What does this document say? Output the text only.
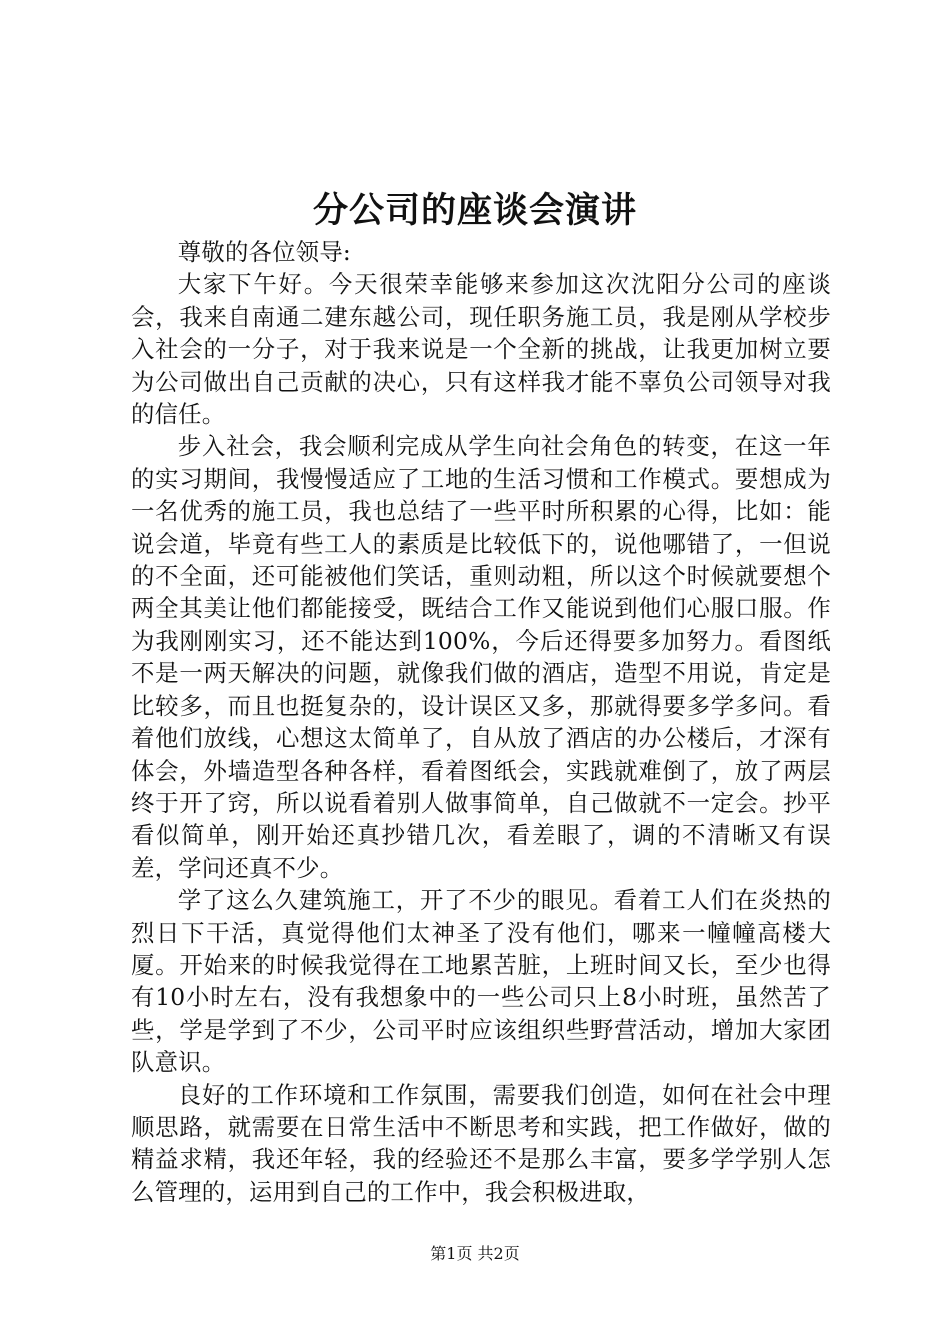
分公司的座谈会演讲

尊敬的各位领导:

大家下午好。今天很荣幸能够来参加这次沈阳分公司的座谈会，我来自南通二建东越公司，现任职务施工员，我是刚从学校步入社会的一分子，对于我来说是一个全新的挑战，让我更加树立要为公司做出自己贡献的决心，只有这样我才能不辜负公司领导对我的信任。

步入社会，我会顺利完成从学生向社会角色的转变，在这一年的实习期间，我慢慢适应了工地的生活习惯和工作模式。要想成为一名优秀的施工员，我也总结了一些平时所积累的心得，比如：能说会道，毕竟有些工人的素质是比较低下的，说他哪错了，一但说的不全面，还可能被他们笑话，重则动粗，所以这个时候就要想个两全其美让他们都能接受，既结合工作又能说到他们心服口服。作为我刚刚实习，还不能达到100%，今后还得要多加努力。看图纸不是一两天解决的问题，就像我们做的酒店，造型不用说，肯定是比较多，而且也挺复杂的，设计误区又多，那就得要多学多问。看着他们放线，心想这太简单了，自从放了酒店的办公楼后，才深有体会，外墙造型各种各样，看着图纸会，实践就难倒了，放了两层终于开了窍，所以说看着别人做事简单，自己做就不一定会。抄平看似简单，刚开始还真抄错几次，看差眼了，调的不清晰又有误差，学问还真不少。

学了这么久建筑施工，开了不少的眼见。看着工人们在炎热的烈日下干活，真觉得他们太神圣了没有他们，哪来一幢幢高楼大厦。开始来的时候我觉得在工地累苦脏，上班时间又长，至少也得有10小时左右，没有我想象中的一些公司只上8小时班，虽然苦了些，学是学到了不少，公司平时应该组织些野营活动，增加大家团队意识。

良好的工作环境和工作氛围，需要我们创造，如何在社会中理顺思路，就需要在日常生活中不断思考和实践，把工作做好，做的精益求精，我还年轻，我的经验还不是那么丰富，要多学学别人怎么管理的，运用到自己的工作中，我会积极进取，

第1页 共2页
